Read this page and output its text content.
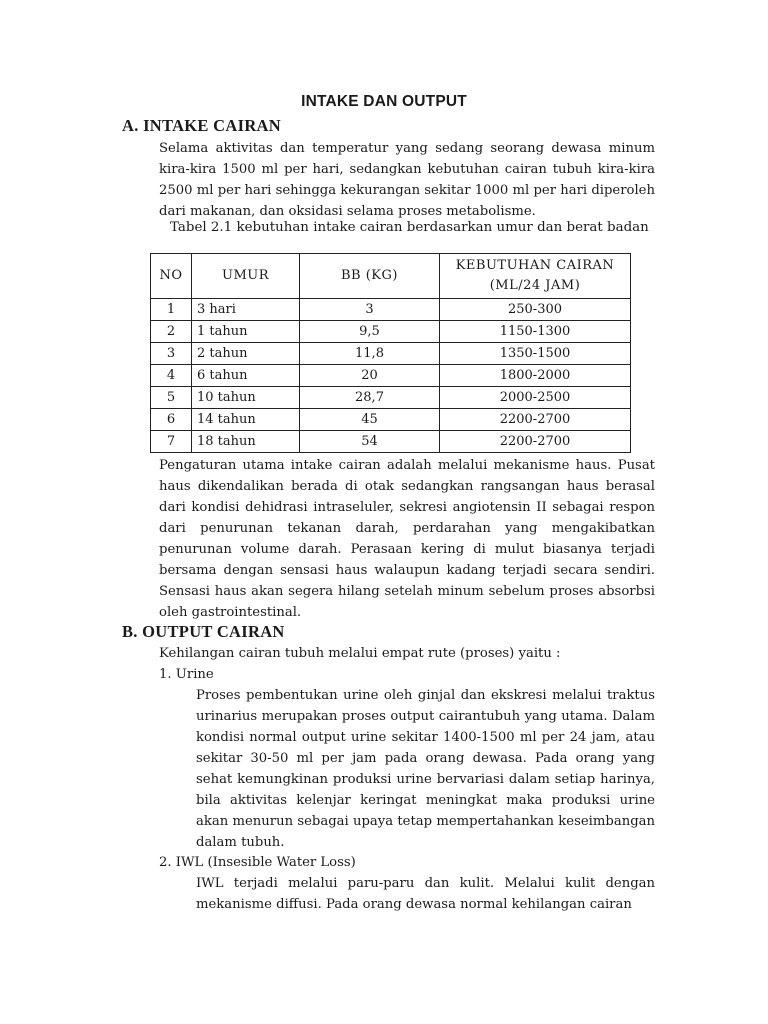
INTAKE DAN OUTPUT
A. INTAKE CAIRAN
Selama aktivitas dan temperatur yang sedang seorang dewasa minum kira-kira 1500 ml per hari, sedangkan kebutuhan cairan tubuh kira-kira 2500 ml per hari sehingga kekurangan sekitar 1000 ml per hari diperoleh dari makanan, dan oksidasi selama proses metabolisme.
Tabel 2.1 kebutuhan intake cairan berdasarkan umur dan berat badan
NO	UMUR	BB (KG)	KEBUTUHAN CAIRAN
(ML/24 JAM)

1	3 hari	3	250-300
2	1 tahun	9,5	1150-1300
3	2 tahun	11,8	1350-1500
4	6 tahun	20	1800-2000
5	10 tahun	28,7	2000-2500
6	14 tahun	45	2200-2700
7	18 tahun	54	2200-2700
Pengaturan utama intake cairan adalah melalui mekanisme haus. Pusat haus dikendalikan berada di otak sedangkan rangsangan haus berasal dari kondisi dehidrasi intraseluler, sekresi angiotensin II sebagai respon dari penurunan tekanan darah, perdarahan yang mengakibatkan penurunan volume darah. Perasaan kering di mulut biasanya terjadi bersama dengan sensasi haus walaupun kadang terjadi secara sendiri. Sensasi haus akan segera hilang setelah minum sebelum proses absorbsi oleh gastrointestinal.
B. OUTPUT CAIRAN
Kehilangan cairan tubuh melalui empat rute (proses) yaitu :
1. Urine
Proses pembentukan urine oleh ginjal dan ekskresi melalui traktus urinarius merupakan proses output cairantubuh yang utama. Dalam kondisi normal output urine sekitar 1400-1500 ml per 24 jam, atau sekitar 30-50 ml per jam pada orang dewasa. Pada orang yang sehat kemungkinan produksi urine bervariasi dalam setiap harinya, bila aktivitas kelenjar keringat meningkat maka produksi urine akan menurun sebagai upaya tetap mempertahankan keseimbangan dalam tubuh.
2. IWL (Insesible Water Loss)
IWL terjadi melalui paru-paru dan kulit. Melalui kulit dengan mekanisme diffusi. Pada orang dewasa normal kehilangan cairan
